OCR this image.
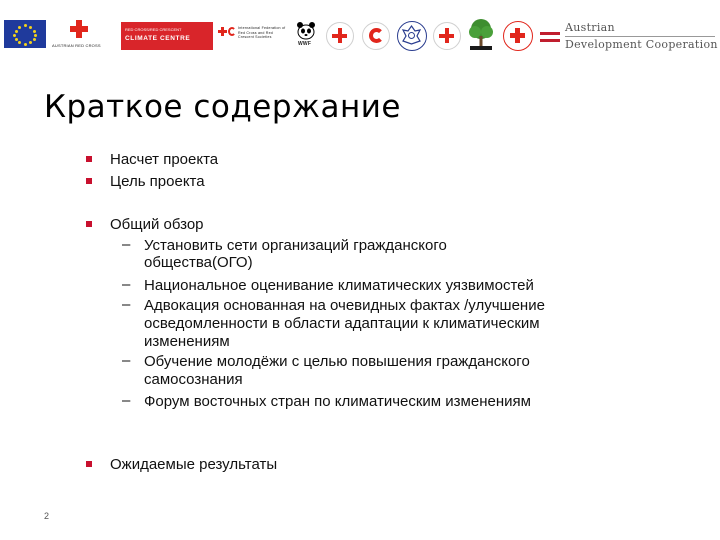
AUSTRIAN RED CROSS
RED CROSS/RED CRESCENT
CLIMATE CENTRE
International Federation of Red Cross and Red Crescent Societies
WWF
Austrian
Development Cooperation
Краткое содержание
Насчет проекта
Цель проекта
Общий обзор
– Установить сети организаций гражданского
общества(ОГО)
– Национальное оценивание климатических уязвимостей
– Адвокация основанная на очевидных фактах /улучшение
осведомленности в области адаптации к климатическим
изменениям
– Обучение молодёжи с целью повышения гражданского
самосознания
– Форум восточных стран по климатическим изменениям
Ожидаемые результаты
2
